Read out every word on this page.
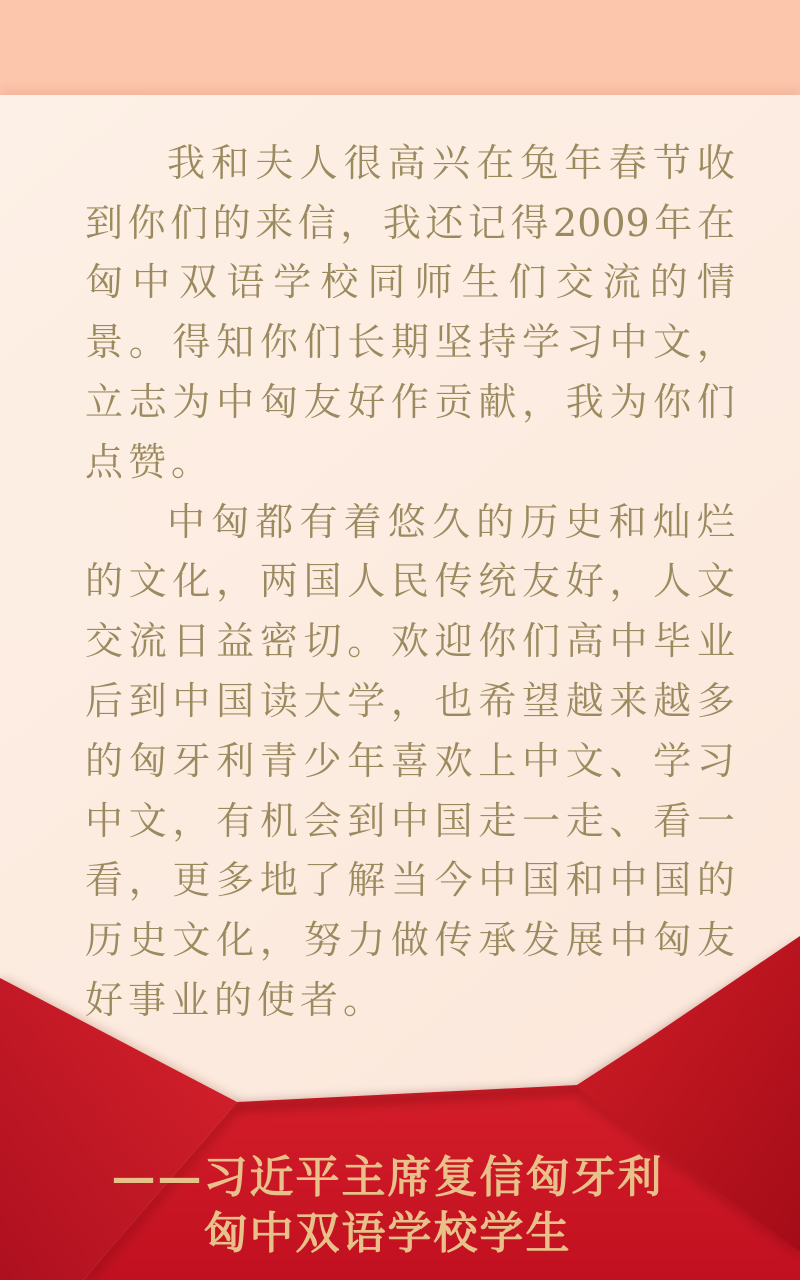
我 和 夫 人 很 高 兴 在 兔 年 春 节 收
到 你 们 的 来 信 ， 我 还 记 得 2009 年 在
匈 中 双 语 学 校 同 师 生 们 交 流 的 情
景 。 得 知 你 们 长 期 坚 持 学 习 中 文 ，
立 志 为 中 匈 友 好 作 贡 献 ， 我 为 你 们
点赞。
中 匈 都 有 着 悠 久 的 历 史 和 灿 烂
的 文 化 ， 两 国 人 民 传 统 友 好 ， 人 文
交 流 日 益 密 切 。 欢 迎 你 们 高 中 毕 业
后 到 中 国 读 大 学 ， 也 希 望 越 来 越 多
的 匈 牙 利 青 少 年 喜 欢 上 中 文 、 学 习
中 文 ， 有 机 会 到 中 国 走 一 走 、 看 一
看 ， 更 多 地 了 解 当 今 中 国 和 中 国 的
历 史 文 化 ， 努 力 做 传 承 发 展 中 匈 友
好事业的使者。
——习近平主席复信匈牙利
匈中双语学校学生
